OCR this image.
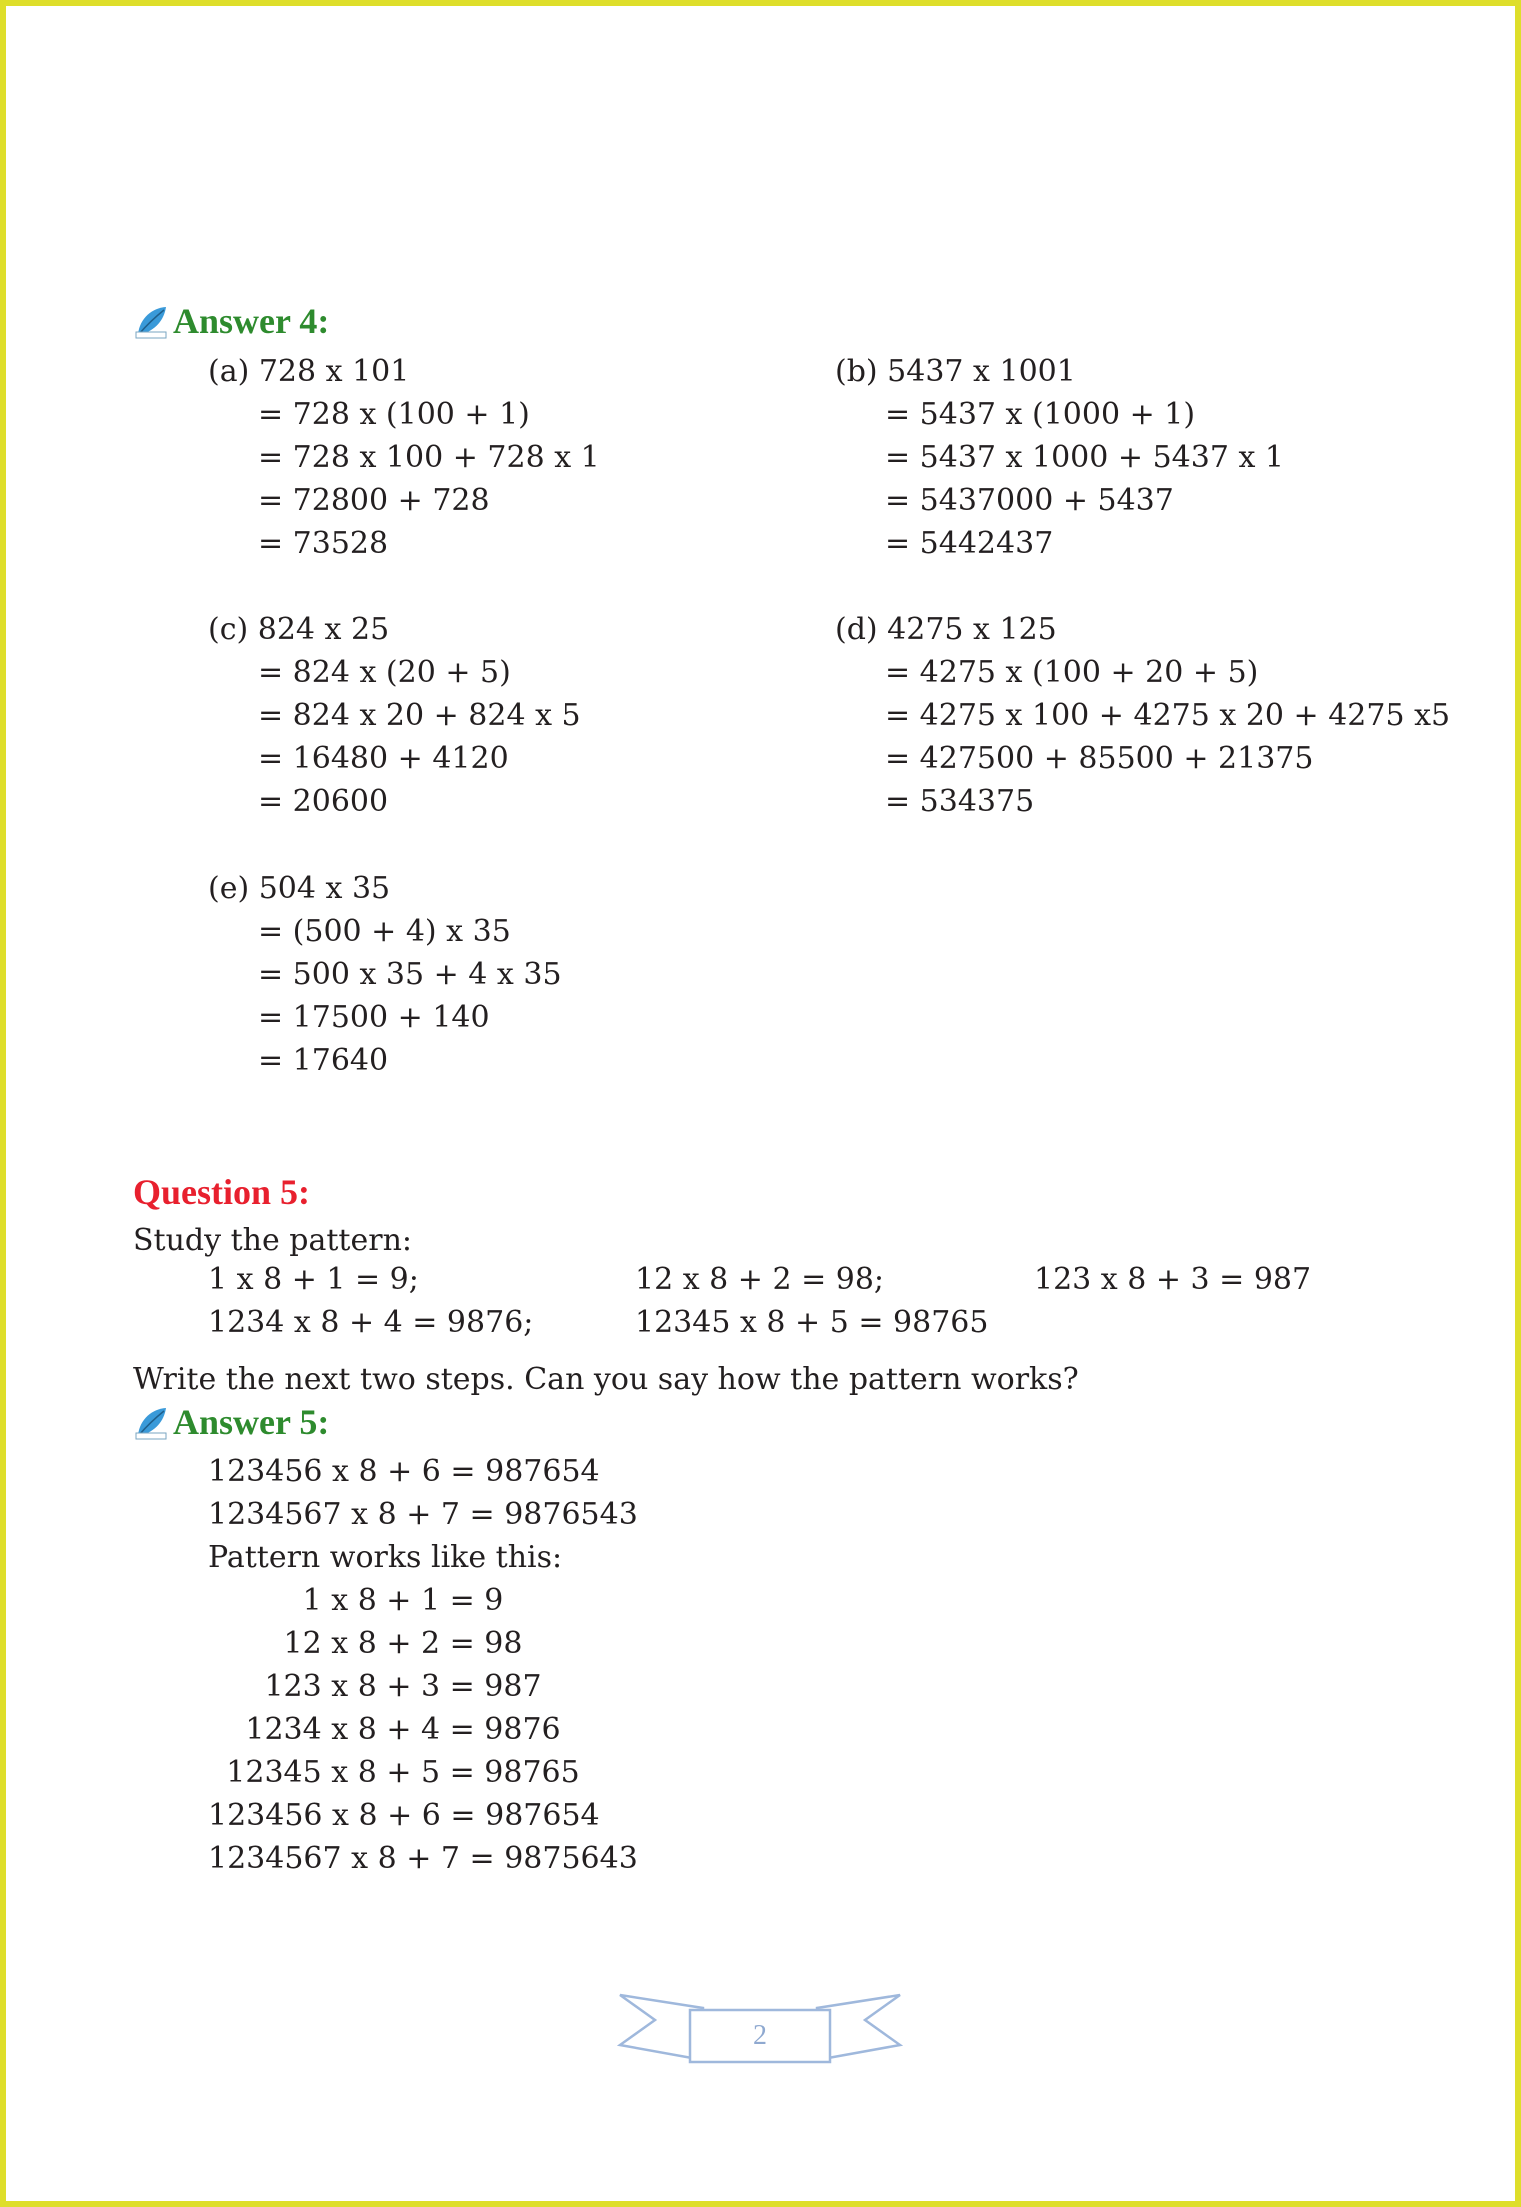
Answer 4:
(a) 728 x 101
= 728 x (100 + 1)
= 728 x 100 + 728 x 1
= 72800 + 728
= 73528
(b) 5437 x 1001
= 5437 x (1000 + 1)
= 5437 x 1000 + 5437 x 1
= 5437000 + 5437
= 5442437
(c) 824 x 25
= 824 x (20 + 5)
= 824 x 20 + 824 x 5
= 16480 + 4120
= 20600
(d) 4275 x 125
= 4275 x (100 + 20 + 5)
= 4275 x 100 + 4275 x 20 + 4275 x5
= 427500 + 85500 + 21375
= 534375
(e) 504 x 35
= (500 + 4) x 35
= 500 x 35 + 4 x 35
= 17500 + 140
= 17640
Question 5:
Study the pattern:
1 x 8 + 1 = 9;	12 x 8 + 2 = 98;	123 x 8 + 3 = 987
1234 x 8 + 4 = 9876;	12345 x 8 + 5 = 98765
Write the next two steps. Can you say how the pattern works?
Answer 5:
123456 x 8 + 6 = 987654
1234567 x 8 + 7 = 9876543
Pattern works like this:
1 x 8 + 1 = 9
12 x 8 + 2 = 98
123 x 8 + 3 = 987
1234 x 8 + 4 = 9876
12345 x 8 + 5 = 98765
123456 x 8 + 6 = 987654
1234567 x 8 + 7 = 9875643
2
